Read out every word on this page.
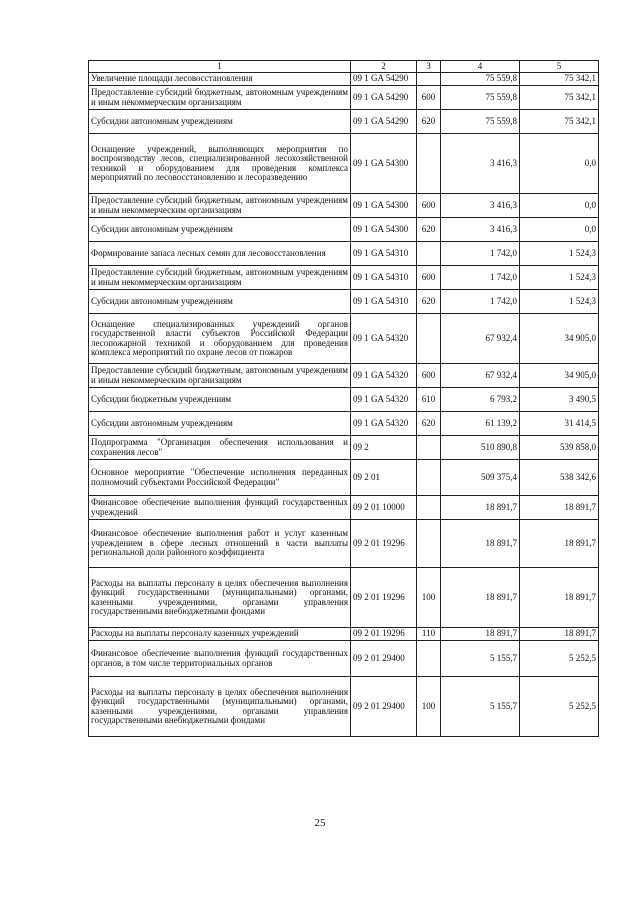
1	2	3	4	5
Увеличение площади лесовосстановления	09 1 GA 54290		75 559,8	75 342,1
Предоставление субсидий бюджетным, автономным учреждениям и иным некоммерческим организациям	09 1 GA 54290	600	75 559,8	75 342,1
Субсидии автономным учреждениям	09 1 GA 54290	620	75 559,8	75 342,1
Оснащение учреждений, выполняющих мероприятия по воспроизводству лесов, специализированной лесохозяйственной техникой и оборудованием для проведения комплекса мероприятий по лесовосстановлению и лесоразведению	09 1 GA 54300		3 416,3	0,0
Предоставление субсидий бюджетным, автономным учреждениям и иным некоммерческим организациям	09 1 GA 54300	600	3 416,3	0,0
Субсидии автономным учреждениям	09 1 GA 54300	620	3 416,3	0,0
Формирование запаса лесных семян для лесовосстановления	09 1 GA 54310		1 742,0	1 524,3
Предоставление субсидий бюджетным, автономным учреждениям и иным некоммерческим организациям	09 1 GA 54310	600	1 742,0	1 524,3
Субсидии автономным учреждениям	09 1 GA 54310	620	1 742,0	1 524,3
Оснащение специализированных учреждений органов государственной власти субъектов Российской Федерации лесопожарной техникой и оборудованием для проведения комплекса мероприятий по охране лесов от пожаров	09 1 GA 54320		67 932,4	34 905,0
Предоставление субсидий бюджетным, автономным учреждениям и иным некоммерческим организациям	09 1 GA 54320	600	67 932,4	34 905,0
Субсидии бюджетным учреждениям	09 1 GA 54320	610	6 793,2	3 490,5
Субсидии автономным учреждениям	09 1 GA 54320	620	61 139,2	31 414,5
Подпрограмма "Организация обеспечения использования и сохранения лесов"	09 2		510 890,8	539 858,0
Основное мероприятие "Обеспечение исполнения переданных полномочий субъектами Российской Федерации"	09 2 01		509 375,4	538 342,6
Финансовое обеспечение выполнения функций государственных учреждений	09 2 01 10000		18 891,7	18 891,7
Финансовое обеспечение выполнения работ и услуг казенным учреждением в сфере лесных отношений в части выплаты региональной доли районного коэффициента	09 2 01 19296		18 891,7	18 891,7
Расходы на выплаты персоналу в целях обеспечения выполнения функций государственными (муниципальными) органами, казенными учреждениями, органами управления государственными внебюджетными фондами	09 2 01 19296	100	18 891,7	18 891,7
Расходы на выплаты персоналу казенных учреждений	09 2 01 19296	110	18 891,7	18 891,7
Финансовое обеспечение выполнения функций государственных органов, в том числе территориальных органов	09 2 01 29400		5 155,7	5 252,5
Расходы на выплаты персоналу в целях обеспечения выполнения функций государственными (муниципальными) органами, казенными учреждениями, органами управления государственными внебюджетными фондами	09 2 01 29400	100	5 155,7	5 252,5
25
